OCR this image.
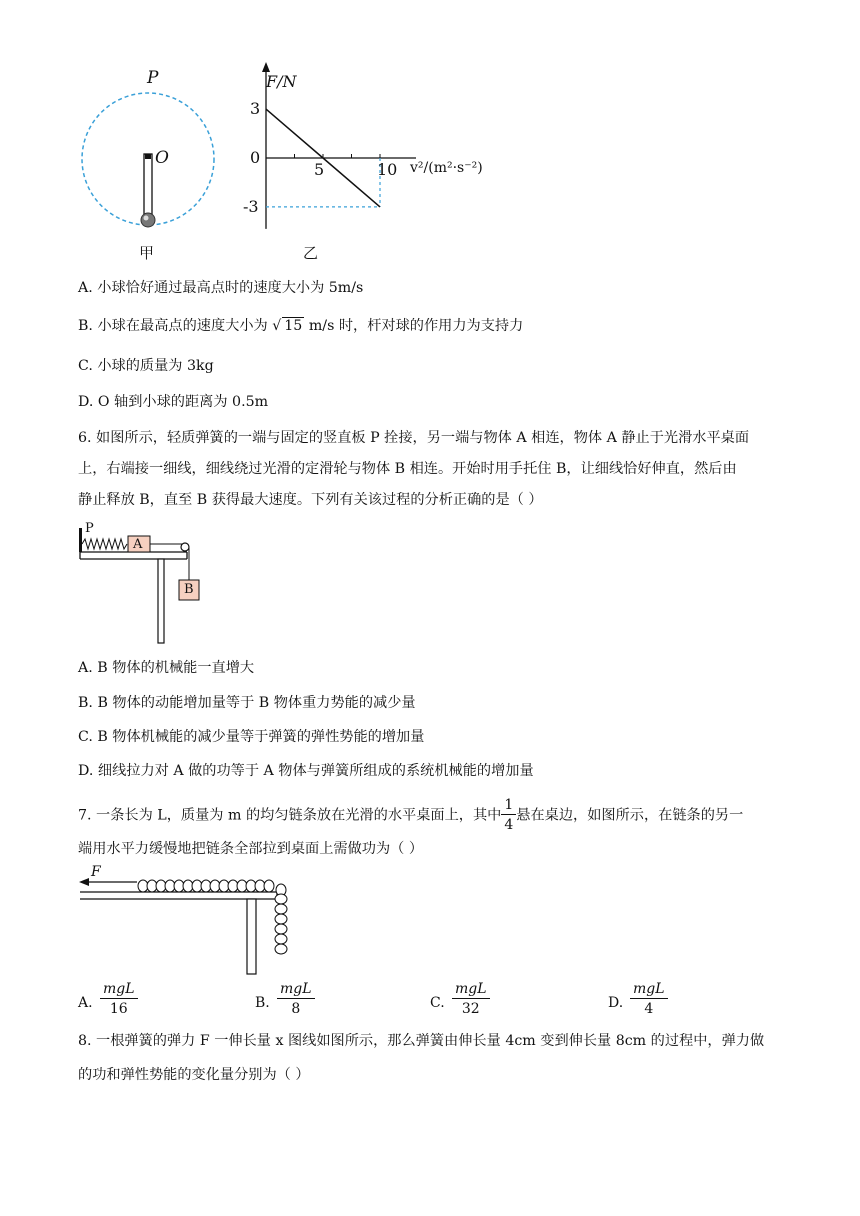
P
O
甲
F/N
3
0
-3
5	10 v²/(m²·s⁻²)
乙
A. 小球恰好通过最高点时的速度大小为 5m/s
B. 小球在最高点的速度大小为 √ 15 m/s 时，杆对球的作用力为支持力
C. 小球的质量为 3kg
D. O 轴到小球的距离为 0.5m
6. 如图所示，轻质弹簧的一端与固定的竖直板 P 拴接，另一端与物体 A 相连，物体 A 静止于光滑水平桌面
上，右端接一细线，细线绕过光滑的定滑轮与物体 B 相连。开始时用手托住 B，让细线恰好伸直，然后由
静止释放 B，直至 B 获得最大速度。下列有关该过程的分析正确的是（ ）
P
A
B
A. B 物体的机械能一直增大
B. B 物体的动能增加量等于 B 物体重力势能的减少量
C. B 物体机械能的减少量等于弹簧的弹性势能的增加量
D. 细线拉力对 A 做的功等于 A 物体与弹簧所组成的系统机械能的增加量
7. 一条长为 L，质量为 m 的均匀链条放在光滑的水平桌面上，其中 $\frac{1}{4}$ 悬在桌边，如图所示，在链条的另一
端用水平力缓慢地把链条全部拉到桌面上需做功为（ ）
F
A.
mgL
16	B.
mgL
8	C.
mgL
32	D.
mgL
4
8. 一根弹簧的弹力 F 一伸长量 x 图线如图所示，那么弹簧由伸长量 4cm 变到伸长量 8cm 的过程中，弹力做
的功和弹性势能的变化量分别为（ ）
